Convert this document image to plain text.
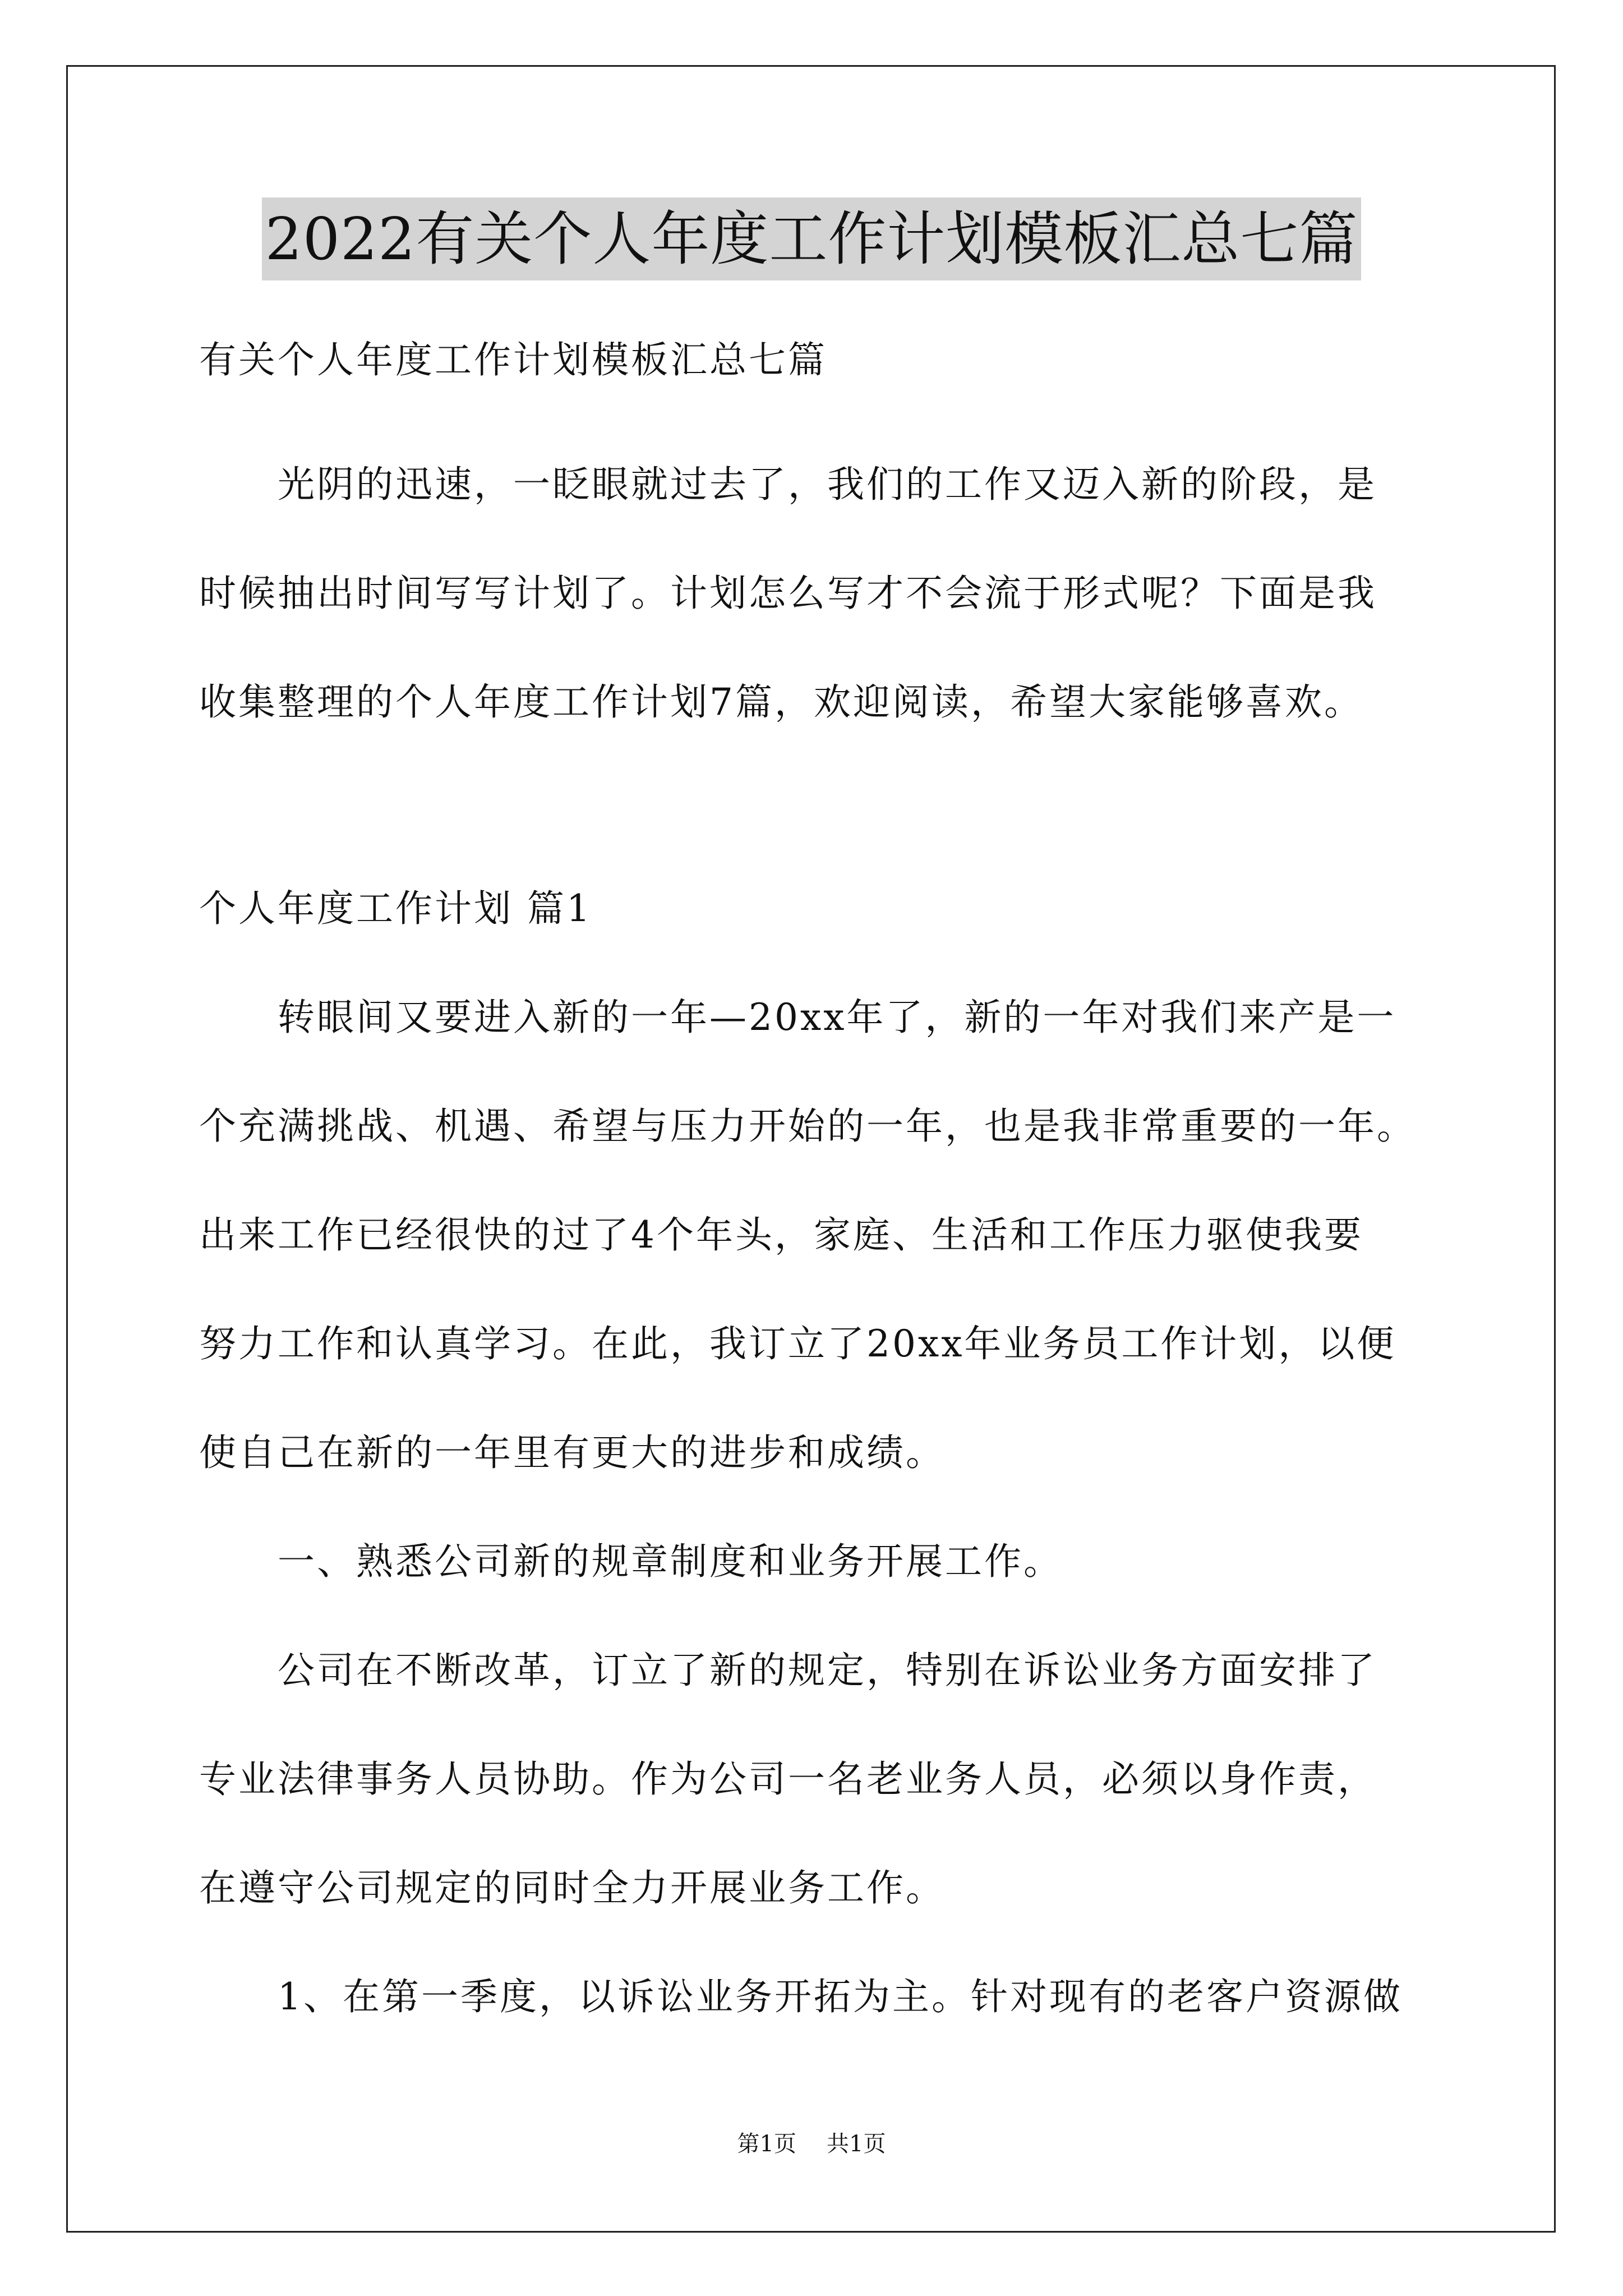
2022有关个人年度工作计划模板汇总七篇
有关个人年度工作计划模板汇总七篇
光阴的迅速，一眨眼就过去了，我们的工作又迈入新的阶段，是
时候抽出时间写写计划了。计划怎么写才不会流于形式呢？下面是我
收集整理的个人年度工作计划7篇，欢迎阅读，希望大家能够喜欢。
个人年度工作计划 篇1
转眼间又要进入新的一年—20xx年了，新的一年对我们来产是一
个充满挑战、机遇、希望与压力开始的一年，也是我非常重要的一年。
出来工作已经很快的过了4个年头，家庭、生活和工作压力驱使我要
努力工作和认真学习。在此，我订立了20xx年业务员工作计划，以便
使自己在新的一年里有更大的进步和成绩。
一、熟悉公司新的规章制度和业务开展工作。
公司在不断改革，订立了新的规定，特别在诉讼业务方面安排了
专业法律事务人员协助。作为公司一名老业务人员，必须以身作责，
在遵守公司规定的同时全力开展业务工作。
1、在第一季度，以诉讼业务开拓为主。针对现有的老客户资源做
第1页 共1页
